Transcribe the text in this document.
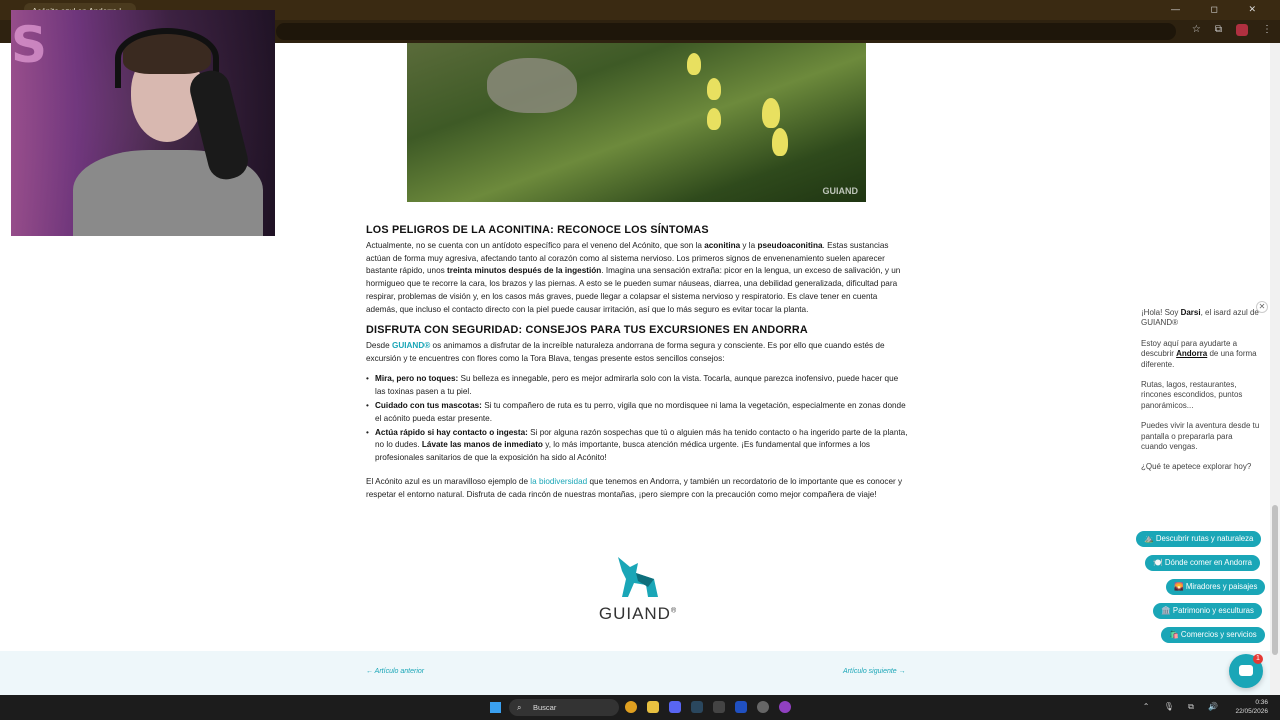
— ◻ ✕
☆ ⧉	⋮
GUIAND
LOS PELIGROS DE LA ACONITINA: RECONOCE LOS SÍNTOMAS

Actualmente, no se cuenta con un antídoto específico para el veneno del Acónito, que son la aconitina y la pseudoaconitina. Estas sustancias actúan de forma muy agresiva, afectando tanto al corazón como al sistema nervioso. Los primeros signos de envenenamiento suelen aparecer bastante rápido, unos treinta minutos después de la ingestión. Imagina una sensación extraña: picor en la lengua, un exceso de salivación, y un hormigueo que te recorre la cara, los brazos y las piernas. A esto se le pueden sumar náuseas, diarrea, una debilidad generalizada, dificultad para respirar, problemas de visión y, en los casos más graves, puede llegar a colapsar el sistema nervioso y respiratorio. Es clave tener en cuenta además, que incluso el contacto directo con la piel puede causar irritación, así que lo más seguro es evitar tocar la planta.

DISFRUTA CON SEGURIDAD: CONSEJOS PARA TUS EXCURSIONES EN ANDORRA

Desde GUIAND® os animamos a disfrutar de la increíble naturaleza andorrana de forma segura y consciente. Es por ello que cuando estés de excursión y te encuentres con flores como la Tora Blava, tengas presente estos sencillos consejos:

• Mira, pero no toques: Su belleza es innegable, pero es mejor admirarla solo con la vista. Tocarla, aunque parezca inofensivo, puede hacer que las toxinas pasen a tu piel.
• Cuidado con tus mascotas: Si tu compañero de ruta es tu perro, vigila que no mordisquee ni lama la vegetación, especialmente en zonas donde el acónito pueda estar presente.
• Actúa rápido si hay contacto o ingesta: Si por alguna razón sospechas que tú o alguien más ha tenido contacto o ha ingerido parte de la planta, no lo dudes. Lávate las manos de inmediato y, lo más importante, busca atención médica urgente. ¡Es fundamental que informes a los profesionales sanitarios de que la exposición ha sido al Acónito!

El Acónito azul es un maravilloso ejemplo de la biodiversidad que tenemos en Andorra, y también un recordatorio de lo importante que es conocer y respetar el entorno natural. Disfruta de cada rincón de nuestras montañas, ¡pero siempre con la precaución como mejor compañera de viaje!

GUIAND®
← Artículo anterior	Artículo siguiente →
✕

¡Hola! Soy Darsi, el isard azul de GUIAND®

Estoy aquí para ayudarte a descubrir Andorra de una forma diferente.

Rutas, lagos, restaurantes, rincones escondidos, puntos panorámicos...

Puedes vivir la aventura desde tu pantalla o prepararla para cuando vengas.

¿Qué te apetece explorar hoy?

⛰️ Descubrir rutas y naturaleza
🍽️ Dónde comer en Andorra
🌄 Miradores y paisajes
🏛️ Patrimonio y esculturas
🛍️ Comercios y servicios
1
S
⌕ Buscar	⌃ 🎙 ⧉ 🔊	0:36
22/05/2026
